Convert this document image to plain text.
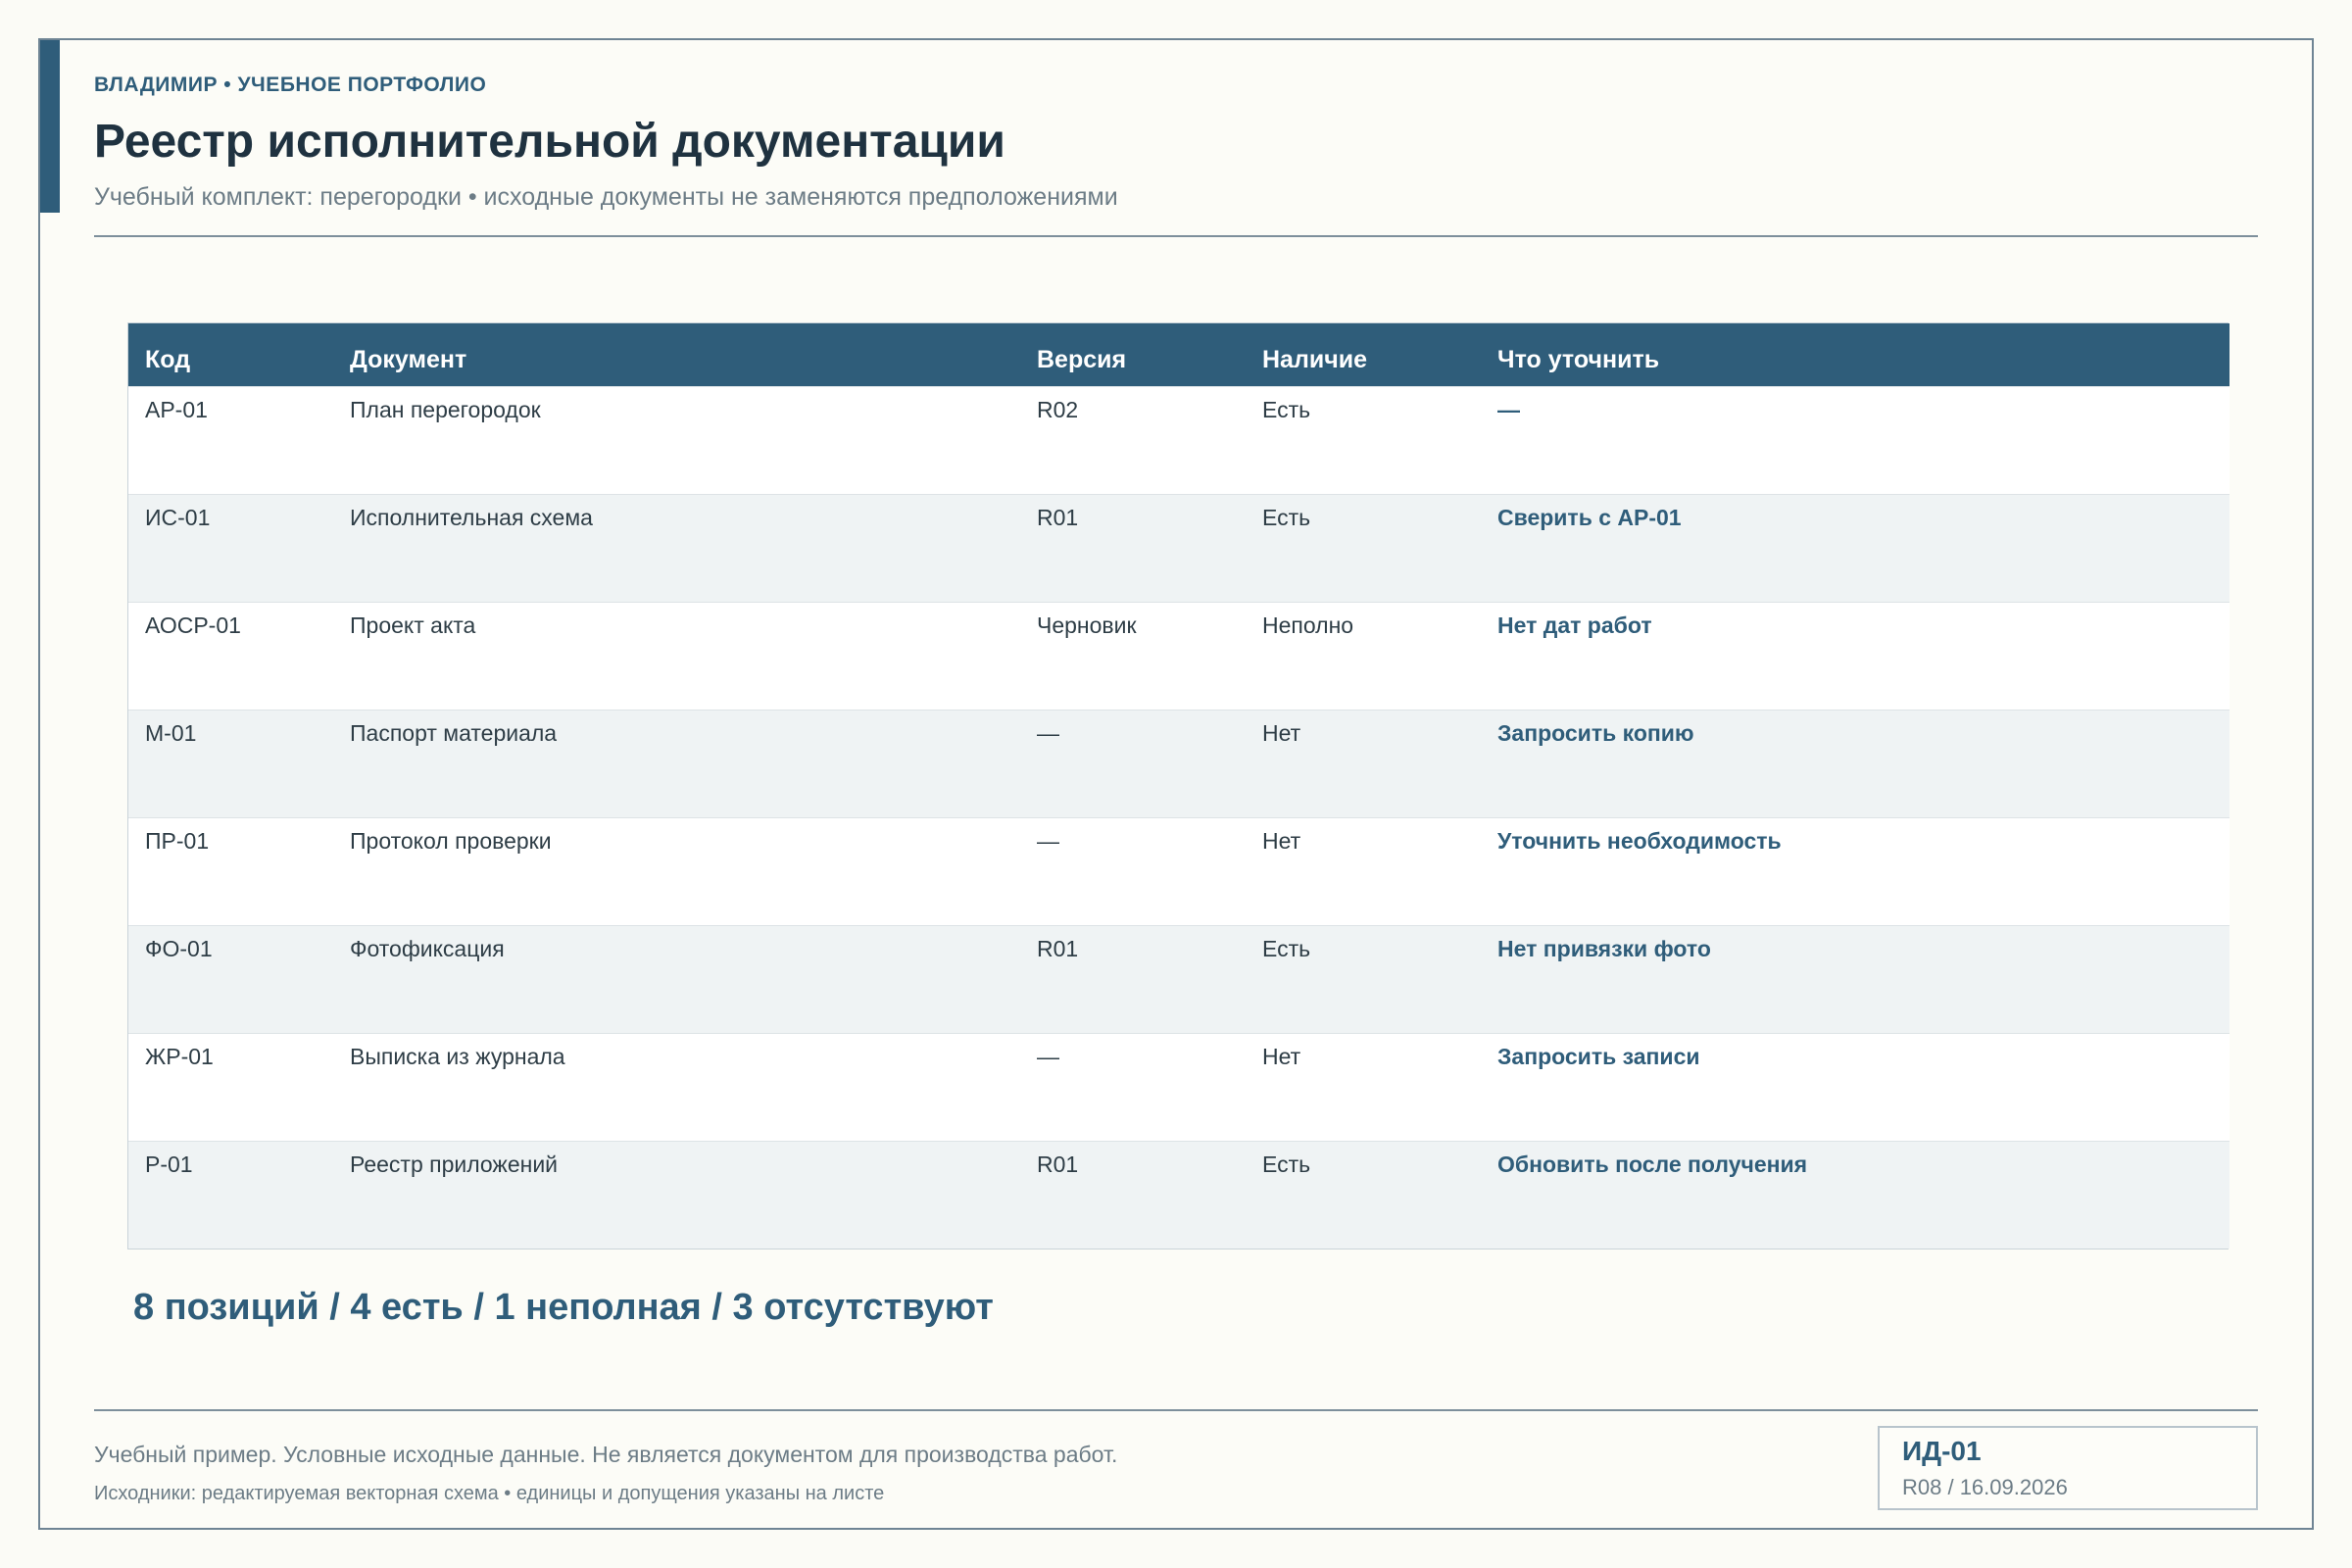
ВЛАДИМИР • УЧЕБНОЕ ПОРТФОЛИО
Реестр исполнительной документации
Учебный комплект: перегородки • исходные документы не заменяются предположениями
Код	Документ	Версия	Наличие	Что уточнить
АР-01	План перегородок	R02	Есть	—
ИС-01	Исполнительная схема	R01	Есть	Сверить с АР-01
АОСР-01	Проект акта	Черновик	Неполно	Нет дат работ
М-01	Паспорт материала	—	Нет	Запросить копию
ПР-01	Протокол проверки	—	Нет	Уточнить необходимость
ФО-01	Фотофиксация	R01	Есть	Нет привязки фото
ЖР-01	Выписка из журнала	—	Нет	Запросить записи
Р-01	Реестр приложений	R01	Есть	Обновить после получения
8 позиций / 4 есть / 1 неполная / 3 отсутствуют
Учебный пример. Условные исходные данные. Не является документом для производства работ.
Исходники: редактируемая векторная схема • единицы и допущения указаны на листе
ИД-01
R08 / 16.09.2026
